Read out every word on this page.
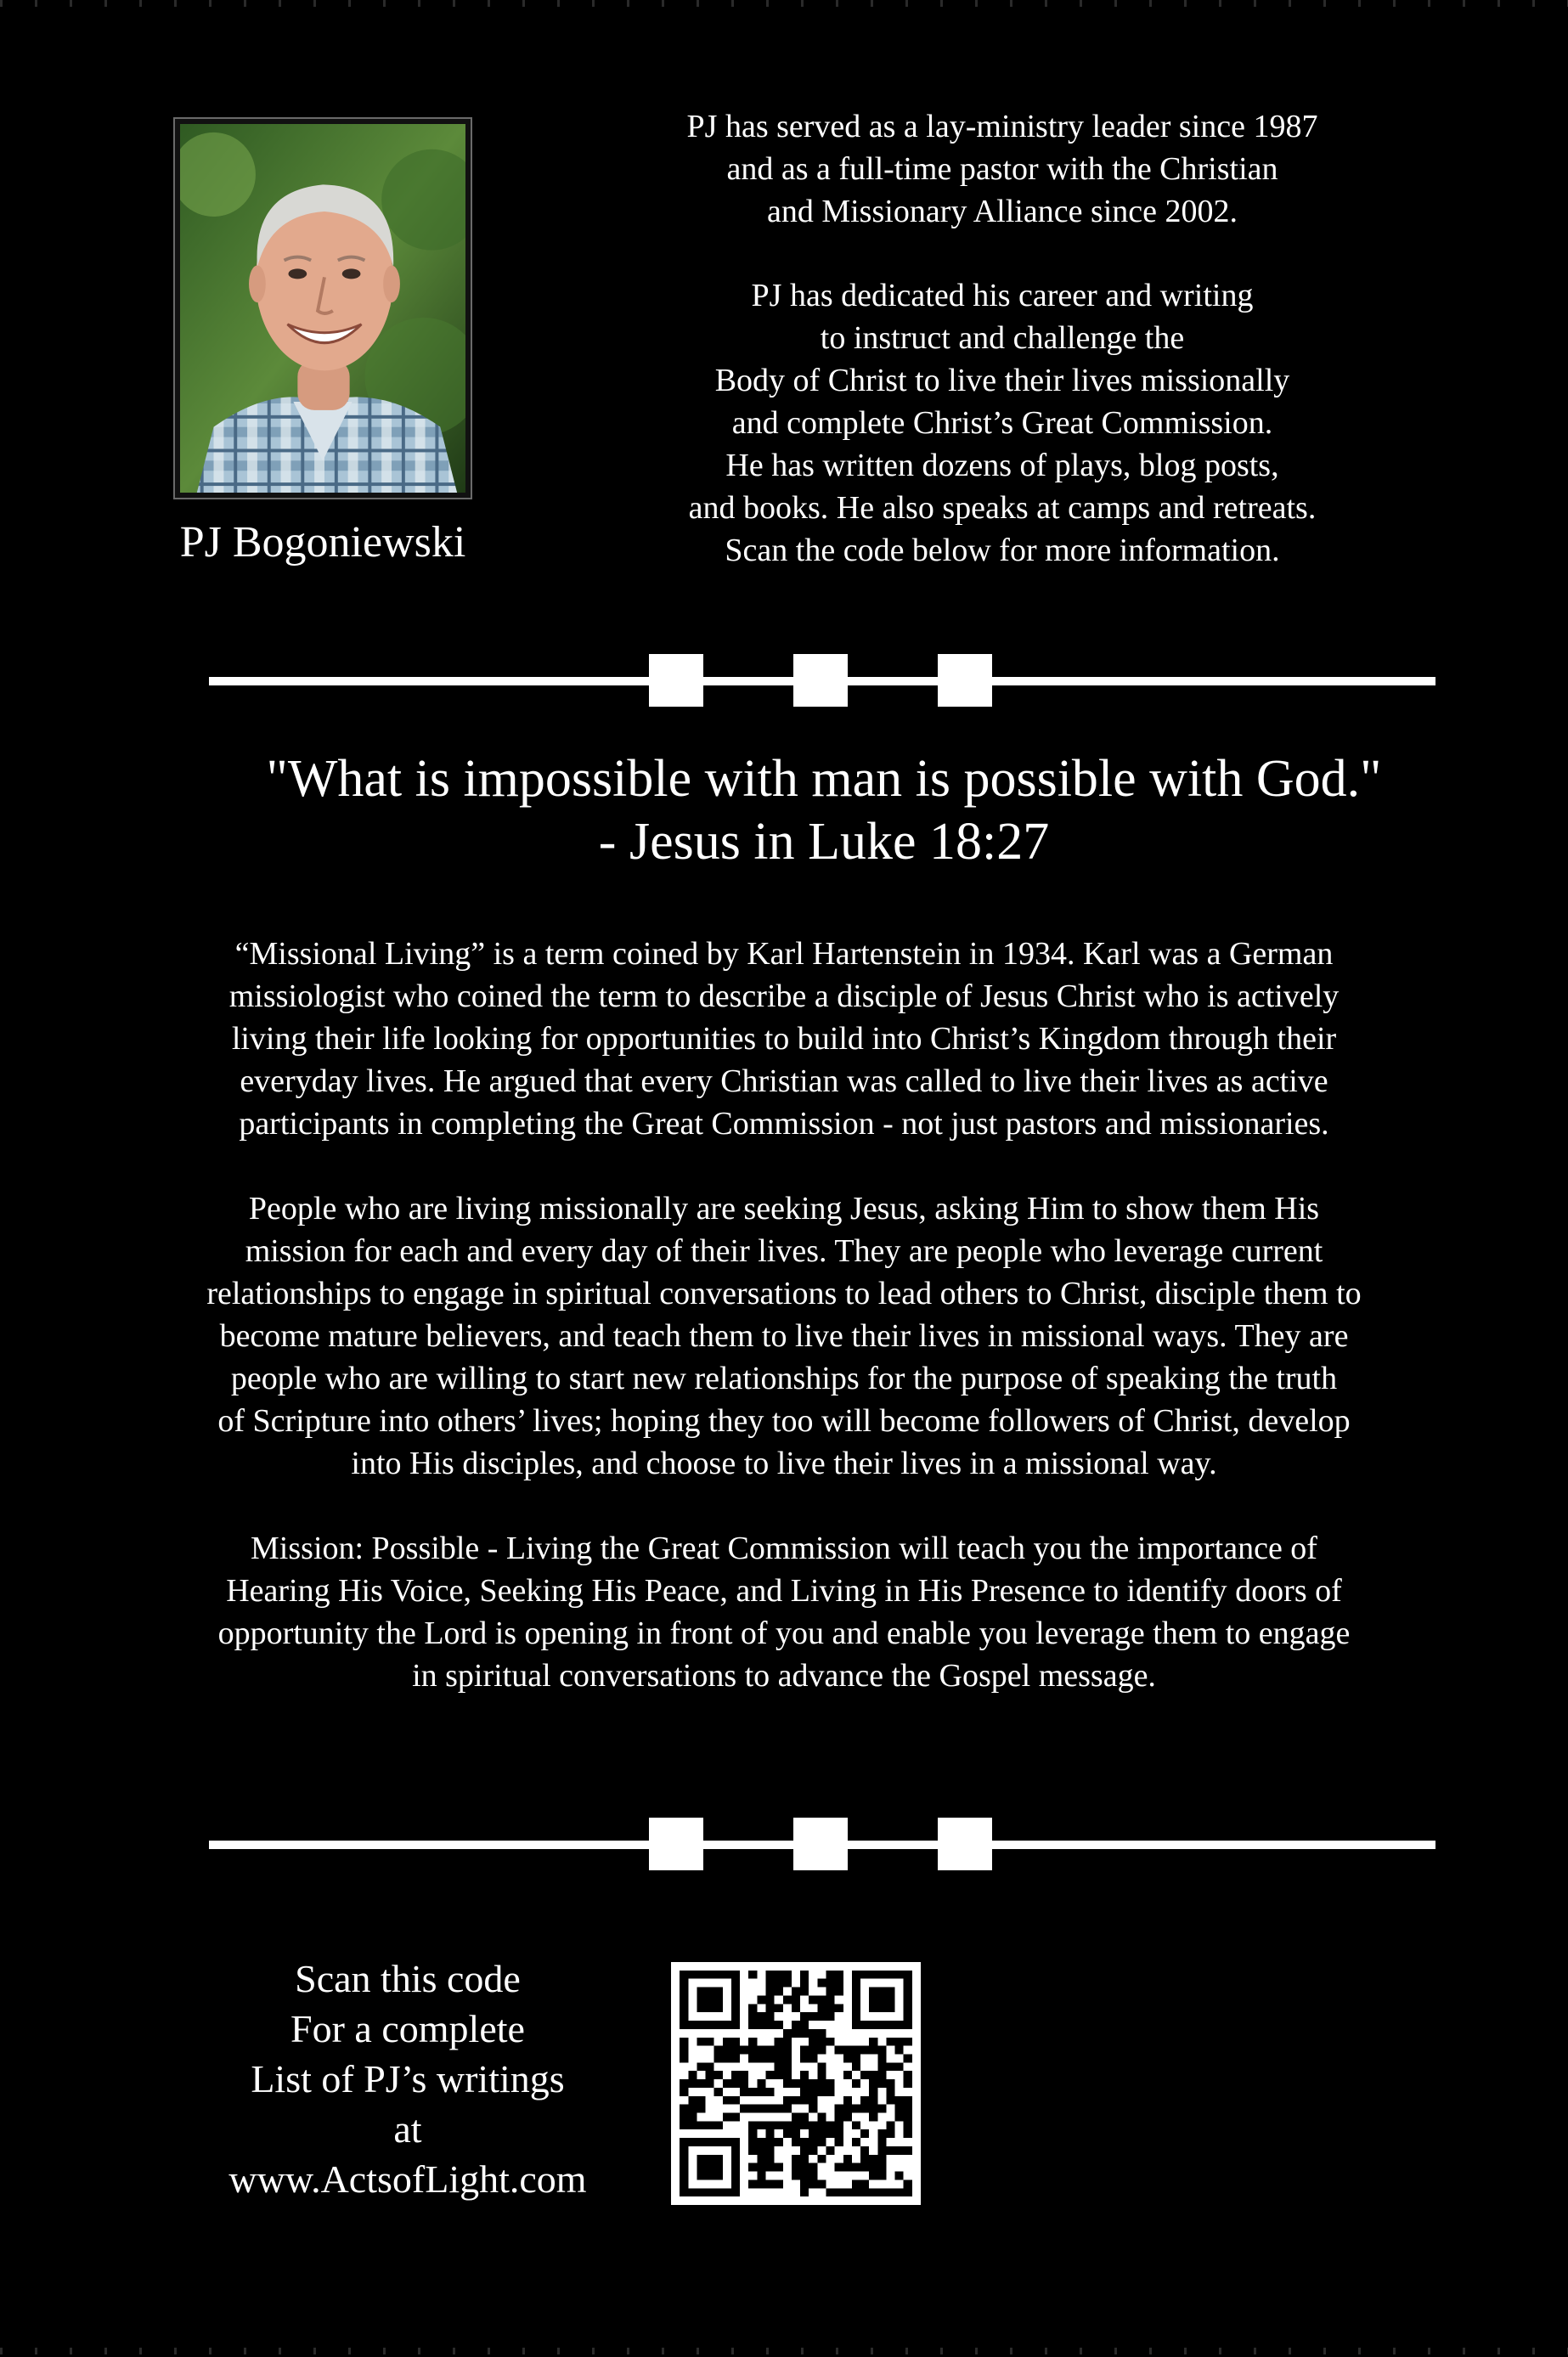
PJ Bogoniewski

PJ has served as a lay-ministry leader since 1987
and as a full-time pastor with the Christian
and Missionary Alliance since 2002.

PJ has dedicated his career and writing
to instruct and challenge the
Body of Christ to live their lives missionally
and complete Christ’s Great Commission.
He has written dozens of plays, blog posts,
and books. He also speaks at camps and retreats.
Scan the code below for more information.

"What is impossible with man is possible with God."
- Jesus in Luke 18:27

“Missional Living” is a term coined by Karl Hartenstein in 1934. Karl was a German
missiologist who coined the term to describe a disciple of Jesus Christ who is actively
living their life looking for opportunities to build into Christ’s Kingdom through their
everyday lives. He argued that every Christian was called to live their lives as active
participants in completing the Great Commission - not just pastors and missionaries.

People who are living missionally are seeking Jesus, asking Him to show them His
mission for each and every day of their lives. They are people who leverage current
relationships to engage in spiritual conversations to lead others to Christ, disciple them to
become mature believers, and teach them to live their lives in missional ways. They are
people who are willing to start new relationships for the purpose of speaking the truth
of Scripture into others’ lives; hoping they too will become followers of Christ, develop
into His disciples, and choose to live their lives in a missional way.

Mission: Possible - Living the Great Commission will teach you the importance of
Hearing His Voice, Seeking His Peace, and Living in His Presence to identify doors of
opportunity the Lord is opening in front of you and enable you leverage them to engage
in spiritual conversations to advance the Gospel message.

Scan this code
For a complete
List of PJ’s writings
at
www.ActsofLight.com
